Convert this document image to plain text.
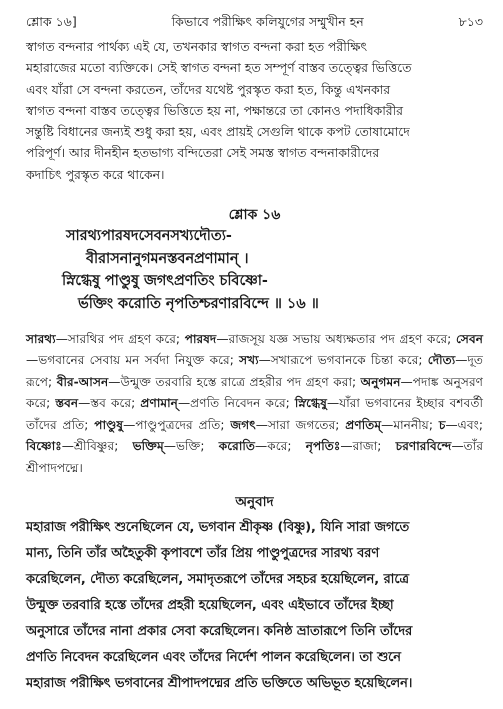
শ্লোক ১৬]	কিভাবে পরীক্ষিৎ কলিযুগের সম্মুখীন হন	৮১৩

স্বাগত বন্দনার পার্থক্য এই যে, তখনকার স্বাগত বন্দনা করা হত পরীক্ষিৎ

মহারাজের মতো ব্যক্তিকে। সেই স্বাগত বন্দনা হত সম্পূর্ণ বাস্তব তত্ত্বের ভিত্তিতে

এবং যাঁরা সে বন্দনা করতেন, তাঁদের যথেষ্ট পুরস্কৃত করা হত, কিন্তু এখনকার

স্বাগত বন্দনা বাস্তব তত্ত্বের ভিত্তিতে হয় না, পক্ষান্তরে তা কোনও পদাধিকারীর

সন্তুষ্টি বিধানের জন্যই শুধু করা হয়, এবং প্রায়ই সেগুলি থাকে কপট তোষামোদে

পরিপূর্ণ। আর দীনহীন হতভাগ্য বন্দিতেরা সেই সমস্ত স্বাগত বন্দনাকারীদের

কদাচিৎ পুরস্কৃত করে থাকেন।

শ্লোক ১৬
সারথ্যপারষদসেবনসখ্যদৌত্য-
বীরাসনানুগমনস্তবনপ্রণামান্ ।
স্নিগ্ধেষু পাণ্ডুষু জগৎপ্রণতিং চবিষ্ণো-
র্ভক্তিং করোতি নৃপতিশ্চরণারবিন্দে ॥ ১৬ ॥
সারথ্য—সারথির পদ গ্রহণ করে; পারষদ—রাজসূয় যজ্ঞ সভায় অধ্যক্ষতার পদ গ্রহণ করে; সেবন—ভগবানের সেবায় মন সর্বদা নিযুক্ত করে; সখ্য—সখারূপে ভগবানকে চিন্তা করে; দৌত্য—দূত রূপে; বীর-আসন—উন্মুক্ত তরবারি হস্তে রাত্রে প্রহরীর পদ গ্রহণ করা; অনুগমন—পদাঙ্ক অনুসরণ করে; স্তবন—স্তব করে; প্রণামান্—প্রণতি নিবেদন করে; স্নিগ্ধেষু—যাঁরা ভগবানের ইচ্ছার বশবর্তী তাঁদের প্রতি; পাণ্ডুষু—পাণ্ডুপুত্রদের প্রতি; জগৎ—সারা জগতের; প্রণতিম্—মাননীয়; চ—এবং; বিষ্ণোঃ—শ্রীবিষ্ণুর; ভক্তিম্—ভক্তি; করোতি—করে; নৃপতিঃ—রাজা; চরণারবিন্দে—তাঁর শ্রীপাদপদ্মে।
অনুবাদ

মহারাজ পরীক্ষিৎ শুনেছিলেন যে, ভগবান শ্রীকৃষ্ণ (বিষ্ণু), যিনি সারা জগতে

মান্য, তিনি তাঁর অহৈতুকী কৃপাবশে তাঁর প্রিয় পাণ্ডুপুত্রদের সারথ্য বরণ

করেছিলেন, দৌত্য করেছিলেন, সমাদৃতরূপে তাঁদের সহচর হয়েছিলেন, রাত্রে

উন্মুক্ত তরবারি হস্তে তাঁদের প্রহরী হয়েছিলেন, এবং এইভাবে তাঁদের ইচ্ছা

অনুসারে তাঁদের নানা প্রকার সেবা করেছিলেন। কনিষ্ঠ ভ্রাতারূপে তিনি তাঁদের

প্রণতি নিবেদন করেছিলেন এবং তাঁদের নির্দেশ পালন করেছিলেন। তা শুনে

মহারাজ পরীক্ষিৎ ভগবানের শ্রীপাদপদ্মের প্রতি ভক্তিতে অভিভূত হয়েছিলেন।
